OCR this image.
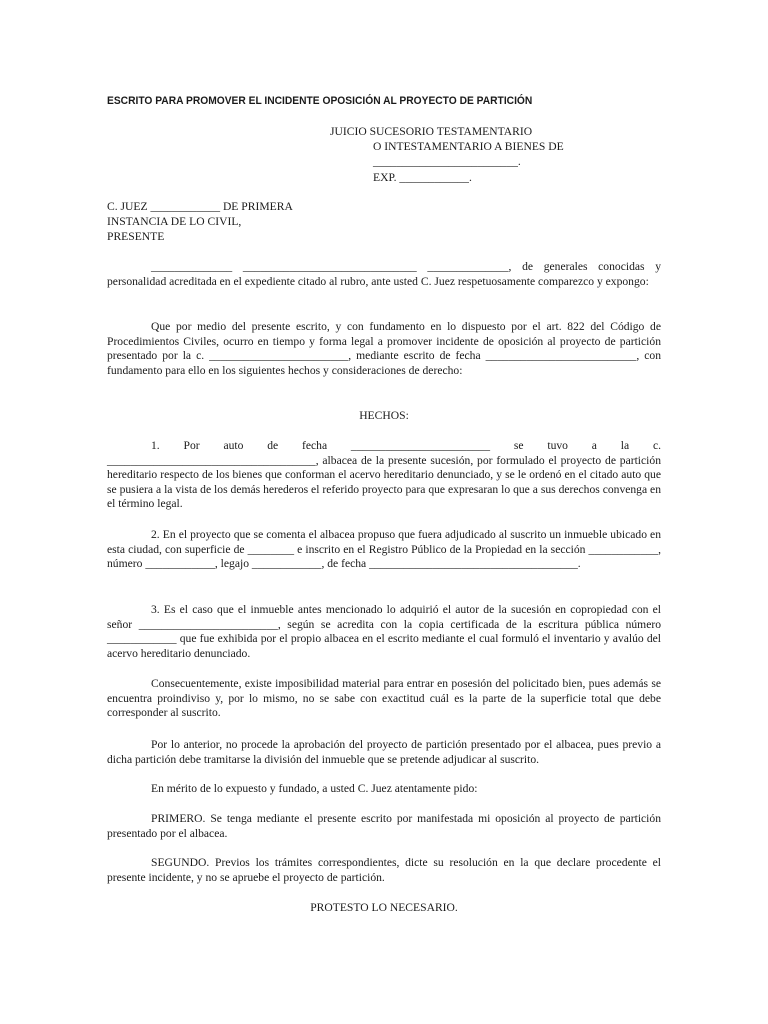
ESCRITO PARA PROMOVER EL INCIDENTE OPOSICIÓN AL PROYECTO DE PARTICIÓN
JUICIO SUCESORIO TESTAMENTARIO
O INTESTAMENTARIO A BIENES DE
_________________________.
EXP. ____________.
C. JUEZ ____________ DE PRIMERA
INSTANCIA DE LO CIVIL,
PRESENTE
______________ ______________________________ ______________, de generales conocidas y personalidad acreditada en el expediente citado al rubro, ante usted C. Juez respetuosamente comparezco y expongo:
Que por medio del presente escrito, y con fundamento en lo dispuesto por el art. 822 del Código de Procedimientos Civiles, ocurro en tiempo y forma legal a promover incidente de oposición al proyecto de partición presentado por la c. ________________________, mediante escrito de fecha __________________________, con fundamento para ello en los siguientes hechos y consideraciones de derecho:
HECHOS:
1. Por auto de fecha ________________________ se tuvo a la c. ____________________________________, albacea de la presente sucesión, por formulado el proyecto de partición hereditario respecto de los bienes que conforman el acervo hereditario denunciado, y se le ordenó en el citado auto que se pusiera a la vista de los demás herederos el referido proyecto para que expresaran lo que a sus derechos convenga en el término legal.
2. En el proyecto que se comenta el albacea propuso que fuera adjudicado al suscrito un inmueble ubicado en esta ciudad, con superficie de ________ e inscrito en el Registro Público de la Propiedad en la sección ____________, número ____________, legajo ____________, de fecha ____________________________________.
3. Es el caso que el inmueble antes mencionado lo adquirió el autor de la sucesión en copropiedad con el señor ________________________, según se acredita con la copia certificada de la escritura pública número ____________ que fue exhibida por el propio albacea en el escrito mediante el cual formuló el inventario y avalúo del acervo hereditario denunciado.
Consecuentemente, existe imposibilidad material para entrar en posesión del policitado bien, pues además se encuentra proindiviso y, por lo mismo, no se sabe con exactitud cuál es la parte de la superficie total que debe corresponder al suscrito.
Por lo anterior, no procede la aprobación del proyecto de partición presentado por el albacea, pues previo a dicha partición debe tramitarse la división del inmueble que se pretende adjudicar al suscrito.
En mérito de lo expuesto y fundado, a usted C. Juez atentamente pido:
PRIMERO. Se tenga mediante el presente escrito por manifestada mi oposición al proyecto de partición presentado por el albacea.
SEGUNDO. Previos los trámites correspondientes, dicte su resolución en la que declare procedente el presente incidente, y no se apruebe el proyecto de partición.
PROTESTO LO NECESARIO.
